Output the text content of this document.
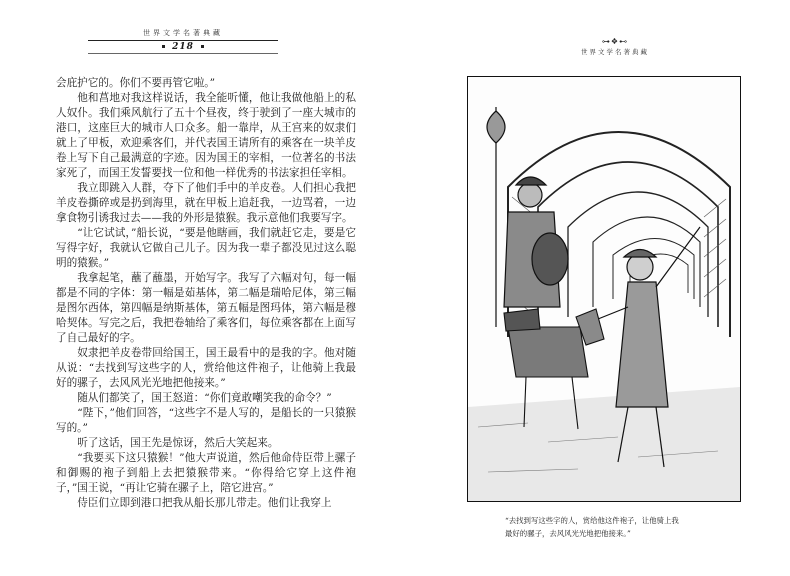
世界文学名著典藏
218

会庇护它的。你们不要再管它啦。”

他和菖地对我这样说话，我全能听懂，他让我做他船上的私人奴仆。我们乘风航行了五十个昼夜，终于驶到了一座大城市的港口，这座巨大的城市人口众多。船一靠岸，从王宫来的奴隶们就上了甲板，欢迎乘客们，并代表国王请所有的乘客在一块羊皮卷上写下自己最满意的字迹。因为国王的宰相，一位著名的书法家死了，而国王发誓要找一位和他一样优秀的书法家担任宰相。

我立即跳入人群，夺下了他们手中的羊皮卷。人们担心我把羊皮卷撕碎或是扔到海里，就在甲板上追赶我，一边骂着，一边拿食物引诱我过去——我的外形是猿猴。我示意他们我要写字。

“让它试试，”船长说，“要是他瞎画，我们就赶它走，要是它写得字好，我就认它做自己儿子。因为我一辈子都没见过这么聪明的猿猴。”

我拿起笔，蘸了蘸墨，开始写字。我写了六幅对句，每一幅都是不同的字体：第一幅是茹基体，第二幅是瑞哈尼体，第三幅是图尔西体，第四幅是纳斯基体，第五幅是图玛体，第六幅是穆哈契体。写完之后，我把卷轴给了乘客们，每位乘客都在上面写了自己最好的字。

奴隶把羊皮卷带回给国王，国王最看中的是我的字。他对随从说：“去找到写这些字的人，赏给他这件袍子，让他骑上我最好的骡子，去风风光光地把他接来。”

随从们都笑了，国王怒道：“你们竟敢嘲笑我的命令？”

“陛下，”他们回答，“这些字不是人写的，是船长的一只猿猴写的。”

听了这话，国王先是惊讶，然后大笑起来。

“我要买下这只猿猴！”他大声说道，然后他命侍臣带上骡子和御赐的袍子到船上去把猿猴带来。“你得给它穿上这件袍子，”国王说，“再让它骑在骡子上，陪它进宫。”

侍臣们立即到港口把我从船长那儿带走。他们让我穿上

⊶❖⊷
世界文学名著典藏
“去找到写这些字的人，赏给他这件袍子，让他骑上我
最好的骡子，去风风光光地把他接来。”
